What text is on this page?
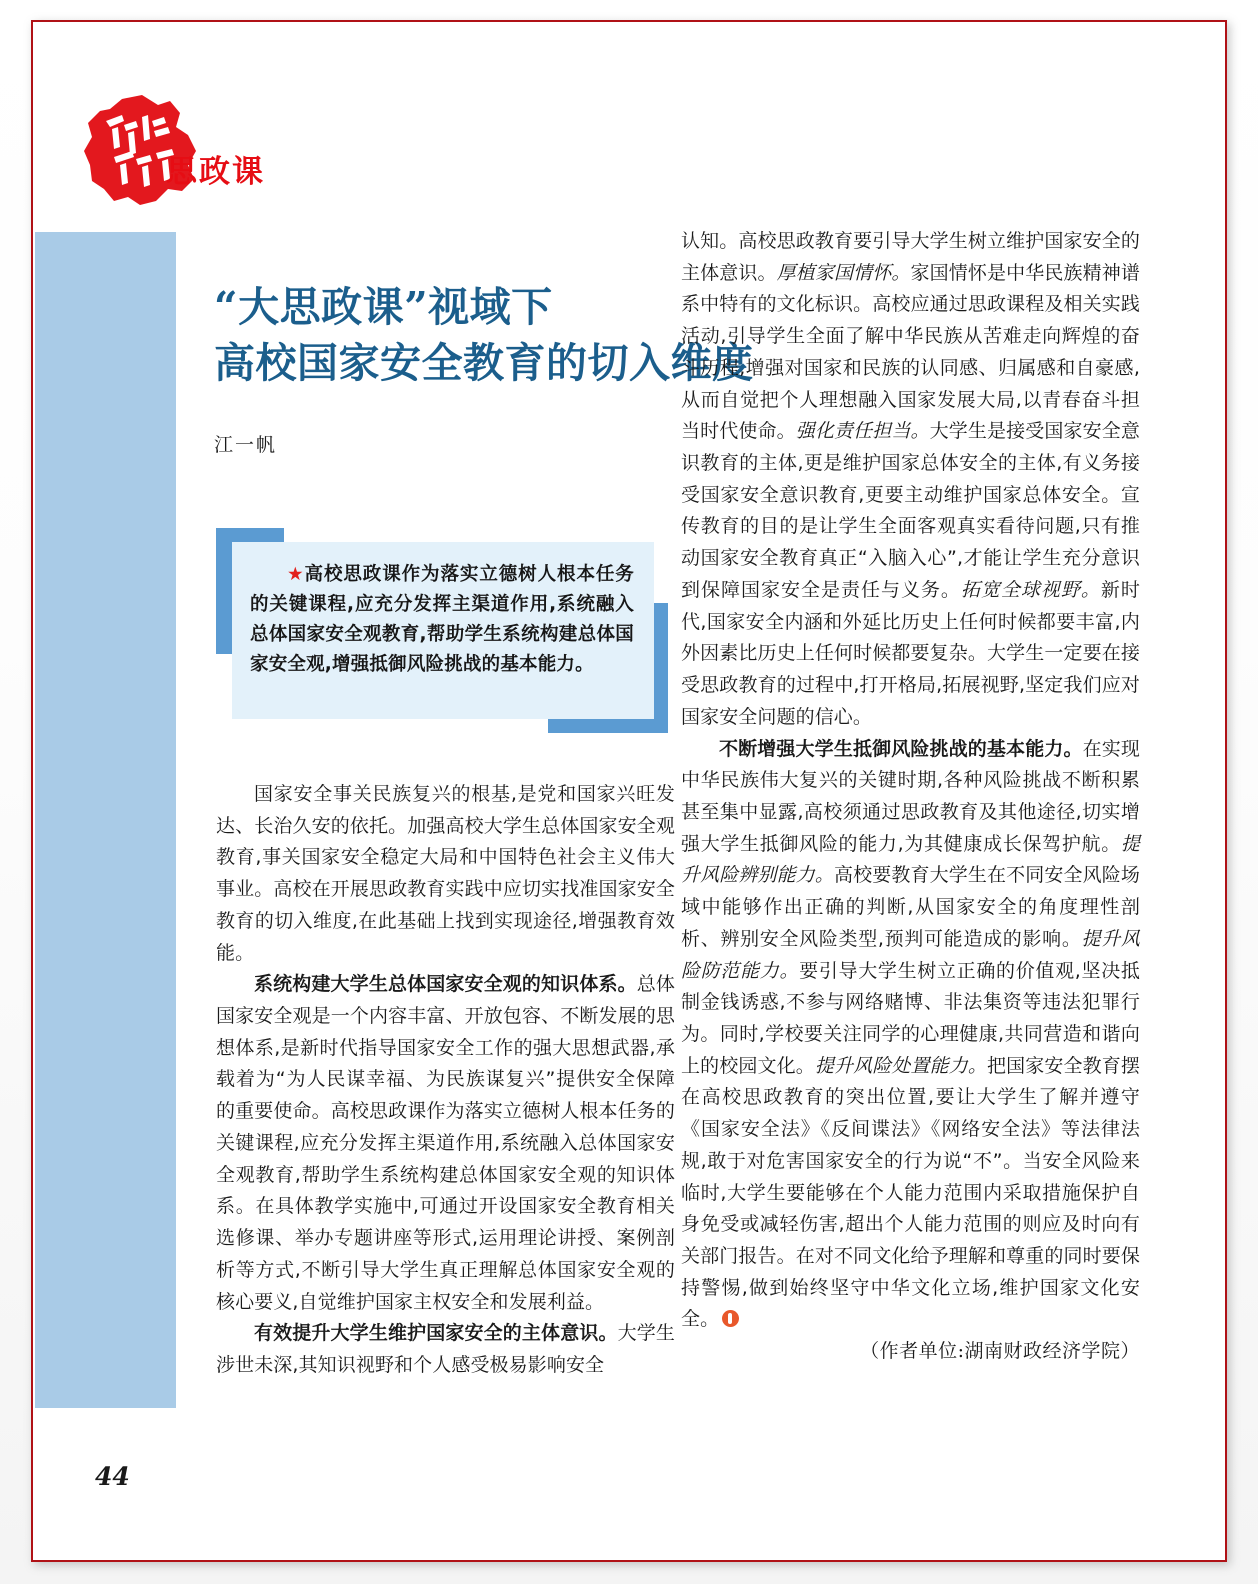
思政课
“大思政课”视域下
高校国家安全教育的切入维度
江一帆

★高校思政课作为落实立德树人根本任务的关键课程,应充分发挥主渠道作用,系统融入总体国家安全观教育,帮助学生系统构建总体国家安全观,增强抵御风险挑战的基本能力。

国家安全事关民族复兴的根基,是党和国家兴旺发达、长治久安的依托。加强高校大学生总体国家安全观教育,事关国家安全稳定大局和中国特色社会主义伟大事业。高校在开展思政教育实践中应切实找准国家安全教育的切入维度,在此基础上找到实现途径,增强教育效能。

系统构建大学生总体国家安全观的知识体系。总体国家安全观是一个内容丰富、开放包容、不断发展的思想体系,是新时代指导国家安全工作的强大思想武器,承载着为“为人民谋幸福、为民族谋复兴”提供安全保障的重要使命。高校思政课作为落实立德树人根本任务的关键课程,应充分发挥主渠道作用,系统融入总体国家安全观教育,帮助学生系统构建总体国家安全观的知识体系。在具体教学实施中,可通过开设国家安全教育相关选修课、举办专题讲座等形式,运用理论讲授、案例剖析等方式,不断引导大学生真正理解总体国家安全观的核心要义,自觉维护国家主权安全和发展利益。

有效提升大学生维护国家安全的主体意识。大学生涉世未深,其知识视野和个人感受极易影响安全

认知。高校思政教育要引导大学生树立维护国家安全的主体意识。厚植家国情怀。家国情怀是中华民族精神谱系中特有的文化标识。高校应通过思政课程及相关实践活动,引导学生全面了解中华民族从苦难走向辉煌的奋斗历程,增强对国家和民族的认同感、归属感和自豪感,从而自觉把个人理想融入国家发展大局,以青春奋斗担当时代使命。强化责任担当。大学生是接受国家安全意识教育的主体,更是维护国家总体安全的主体,有义务接受国家安全意识教育,更要主动维护国家总体安全。宣传教育的目的是让学生全面客观真实看待问题,只有推动国家安全教育真正“入脑入心”,才能让学生充分意识到保障国家安全是责任与义务。拓宽全球视野。新时代,国家安全内涵和外延比历史上任何时候都要丰富,内外因素比历史上任何时候都要复杂。大学生一定要在接受思政教育的过程中,打开格局,拓展视野,坚定我们应对国家安全问题的信心。

不断增强大学生抵御风险挑战的基本能力。在实现中华民族伟大复兴的关键时期,各种风险挑战不断积累甚至集中显露,高校须通过思政教育及其他途径,切实增强大学生抵御风险的能力,为其健康成长保驾护航。提升风险辨别能力。高校要教育大学生在不同安全风险场域中能够作出正确的判断,从国家安全的角度理性剖析、辨别安全风险类型,预判可能造成的影响。提升风险防范能力。要引导大学生树立正确的价值观,坚决抵制金钱诱惑,不参与网络赌博、非法集资等违法犯罪行为。同时,学校要关注同学的心理健康,共同营造和谐向上的校园文化。提升风险处置能力。把国家安全教育摆在高校思政教育的突出位置,要让大学生了解并遵守《国家安全法》《反间谍法》《网络安全法》等法律法规,敢于对危害国家安全的行为说“不”。当安全风险来临时,大学生要能够在个人能力范围内采取措施保护自身免受或减轻伤害,超出个人能力范围的则应及时向有关部门报告。在对不同文化给予理解和尊重的同时要保持警惕,做到始终坚守中华文化立场,维护国家文化安全。

（作者单位:湖南财政经济学院）

44
